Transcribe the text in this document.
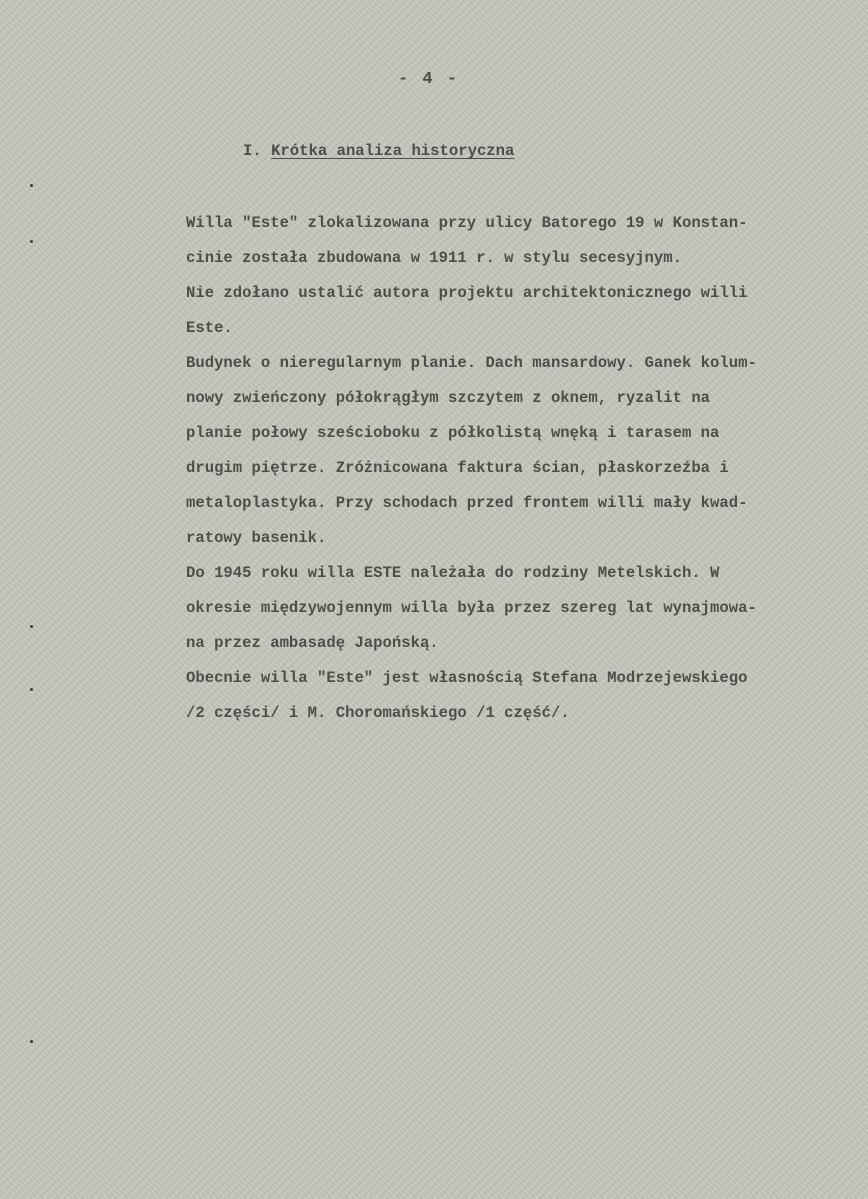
- 4 -
I. Krótka analiza historyczna
Willa "Este" zlokalizowana przy ulicy Batorego 19 w Konstan-
cinie została zbudowana w 1911 r. w stylu secesyjnym.
Nie zdołano ustalić autora projektu architektonicznego willi
Este.
Budynek o nieregularnym planie. Dach mansardowy. Ganek kolum-
nowy zwieńczony półokrągłym szczytem z oknem, ryzalit na
planie połowy sześcioboku z półkolistą wnęką i tarasem na
drugim piętrze. Zróżnicowana faktura ścian, płaskorzeźba i
metaloplastyka. Przy schodach przed frontem willi mały kwad-
ratowy basenik.
Do 1945 roku willa ESTE należała do rodziny Metelskich. W
okresie międzywojennym willa była przez szereg lat wynajmowa-
na przez ambasadę Japońską.
Obecnie willa "Este" jest własnością Stefana Modrzejewskiego
/2 części/ i M. Choromańskiego /1 część/.
